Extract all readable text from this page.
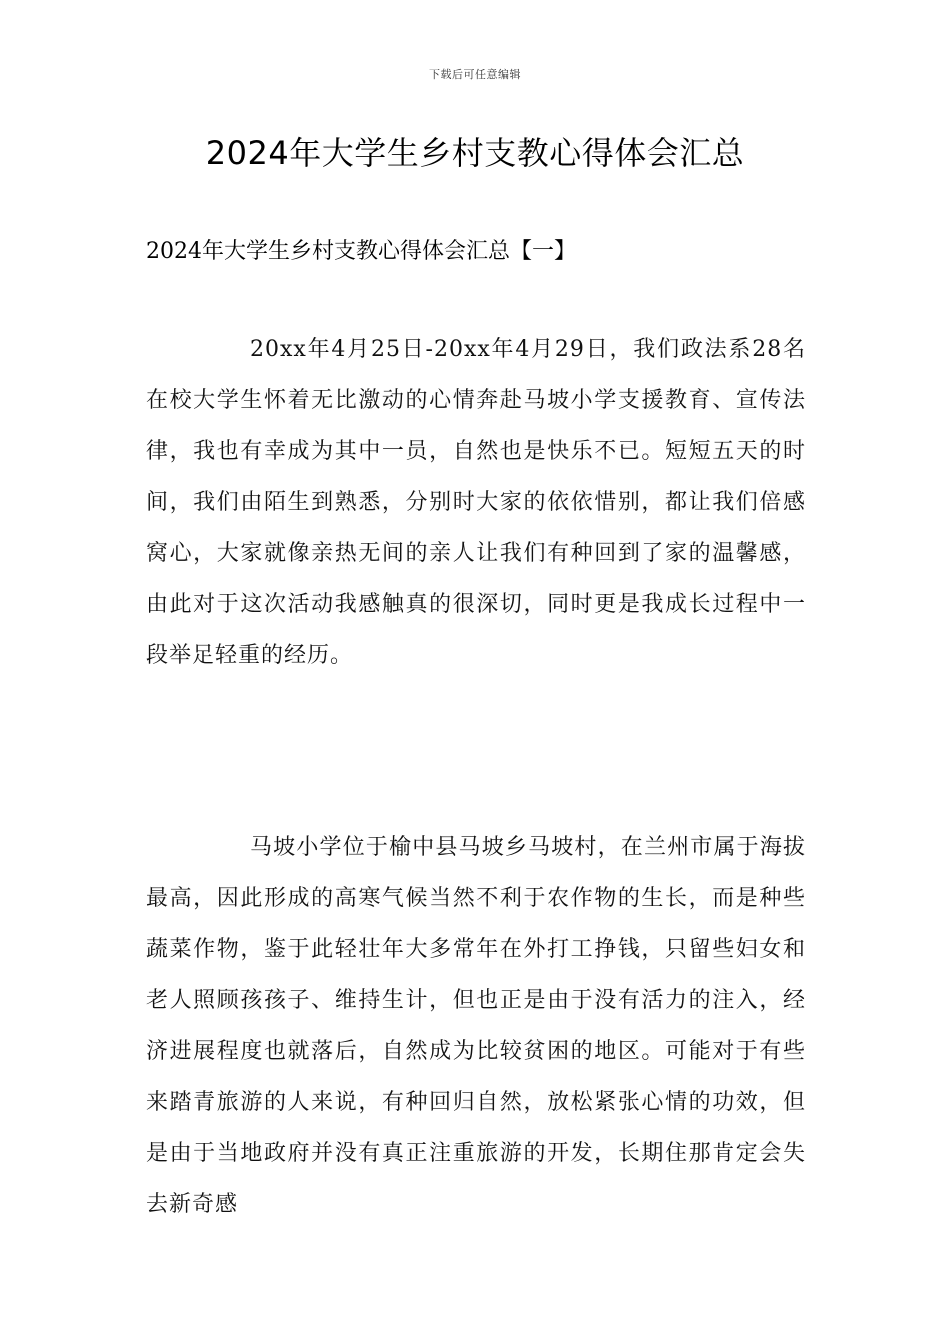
下载后可任意编辑
2024年大学生乡村支教心得体会汇总
2024年大学生乡村支教心得体会汇总【一】

20xx年4月25日-20xx年4月29日，我们政法系28名在校大学生怀着无比激动的心情奔赴马坡小学支援教育、宣传法律，我也有幸成为其中一员，自然也是快乐不已。短短五天的时间，我们由陌生到熟悉，分别时大家的依依惜别，都让我们倍感窝心，大家就像亲热无间的亲人让我们有种回到了家的温馨感，由此对于这次活动我感触真的很深切，同时更是我成长过程中一段举足轻重的经历。

马坡小学位于榆中县马坡乡马坡村，在兰州市属于海拔最高，因此形成的高寒气候当然不利于农作物的生长，而是种些蔬菜作物，鉴于此轻壮年大多常年在外打工挣钱，只留些妇女和老人照顾孩孩子、维持生计，但也正是由于没有活力的注入，经济进展程度也就落后，自然成为比较贫困的地区。可能对于有些来踏青旅游的人来说，有种回归自然，放松紧张心情的功效，但是由于当地政府并没有真正注重旅游的开发，长期住那肯定会失去新奇感
